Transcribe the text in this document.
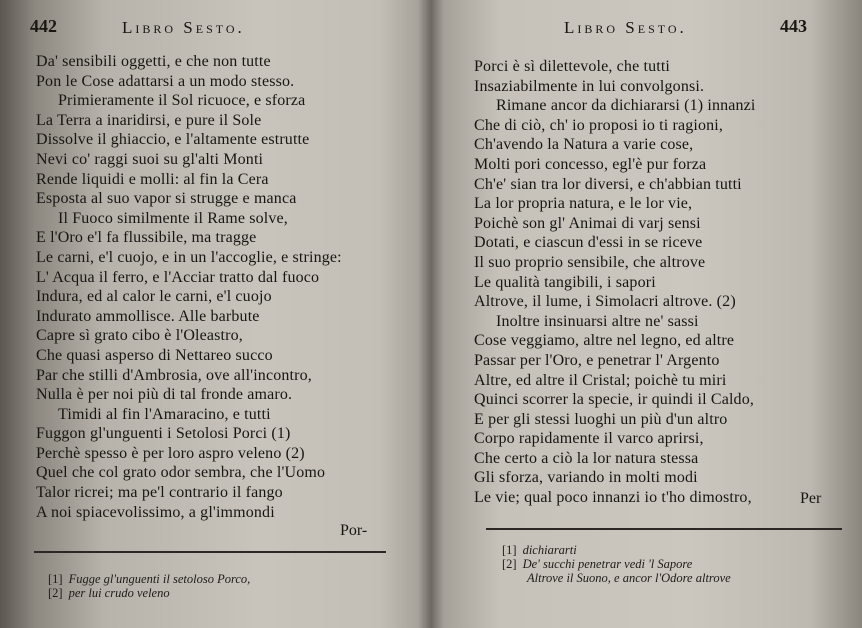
442	Libro Sesto.
Da' sensibili oggetti, e che non tutte
Pon le Cose adattarsi a un modo stesso.
Primieramente il Sol ricuoce, e sforza
La Terra a inaridirsi, e pure il Sole
Dissolve il ghiaccio, e l'altamente estrutte
Nevi co' raggi suoi su gl'alti Monti
Rende liquidi e molli: al fin la Cera
Esposta al suo vapor si strugge e manca
Il Fuoco similmente il Rame solve,
E l'Oro e'l fa flussibile, ma tragge
Le carni, e'l cuojo, e in un l'accoglie, e stringe:
L' Acqua il ferro, e l'Acciar tratto dal fuoco
Indura, ed al calor le carni, e'l cuojo
Indurato ammollisce. Alle barbute
Capre sì grato cibo è l'Oleastro,
Che quasi asperso di Nettareo succo
Par che stilli d'Ambrosia, ove all'incontro,
Nulla è per noi più di tal fronde amaro.
Timidi al fin l'Amaracino, e tutti
Fuggon gl'unguenti i Setolosi Porci (1)
Perchè spesso è per loro aspro veleno (2)
Quel che col grato odor sembra, che l'Uomo
Talor ricrei; ma pe'l contrario il fango
A noi spiacevolissimo, a gl'immondi
Por-
[1] Fugge gl'unguenti il setoloso Porco,
[2] per lui crudo veleno
Libro Sesto.	443
Porci è sì dilettevole, che tutti
Insaziabilmente in lui convolgonsi.
Rimane ancor da dichiararsi (1) innanzi
Che di ciò, ch' io proposi io ti ragioni,
Ch'avendo la Natura a varie cose,
Molti pori concesso, egl'è pur forza
Ch'e' sian tra lor diversi, e ch'abbian tutti
La lor propria natura, e le lor vie,
Poichè son gl' Animai di varj sensi
Dotati, e ciascun d'essi in se riceve
Il suo proprio sensibile, che altrove
Le qualità tangibili, i sapori
Altrove, il lume, i Simolacri altrove. (2)
Inoltre insinuarsi altre ne' sassi
Cose veggiamo, altre nel legno, ed altre
Passar per l'Oro, e penetrar l' Argento
Altre, ed altre il Cristal; poichè tu miri
Quinci scorrer la specie, ir quindi il Caldo,
E per gli stessi luoghi un più d'un altro
Corpo rapidamente il varco aprirsi,
Che certo a ciò la lor natura stessa
Gli sforza, variando in molti modi
Le vie; qual poco innanzi io t'ho dimostro,	Per
[1] dichiararti
[2] De' succhi penetrar vedi 'l Sapore
Altrove il Suono, e ancor l'Odore altrove
